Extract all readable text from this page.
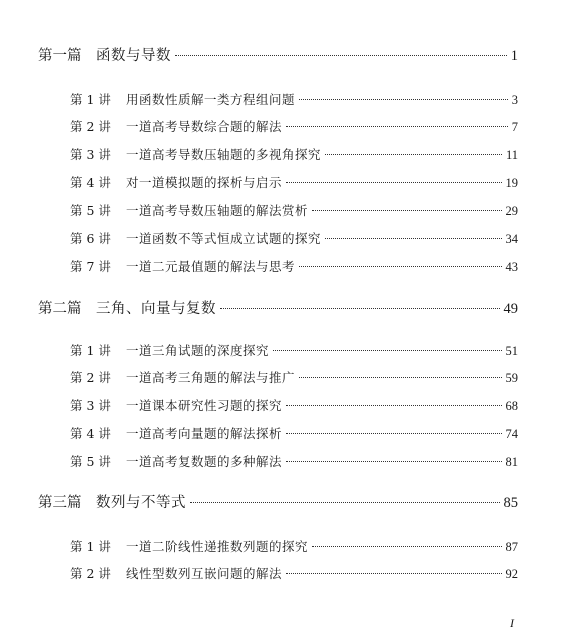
第一篇	函数与导数	1
第 1 讲	用函数性质解一类方程组问题	3
第 2 讲	一道高考导数综合题的解法	7
第 3 讲	一道高考导数压轴题的多视角探究	11
第 4 讲	对一道模拟题的探析与启示	19
第 5 讲	一道高考导数压轴题的解法赏析	29
第 6 讲	一道函数不等式恒成立试题的探究	34
第 7 讲	一道二元最值题的解法与思考	43
第二篇	三角、向量与复数	49
第 1 讲	一道三角试题的深度探究	51
第 2 讲	一道高考三角题的解法与推广	59
第 3 讲	一道课本研究性习题的探究	68
第 4 讲	一道高考向量题的解法探析	74
第 5 讲	一道高考复数题的多种解法	81
第三篇	数列与不等式	85
第 1 讲	一道二阶线性递推数列题的探究	87
第 2 讲	线性型数列互嵌问题的解法	92
I
